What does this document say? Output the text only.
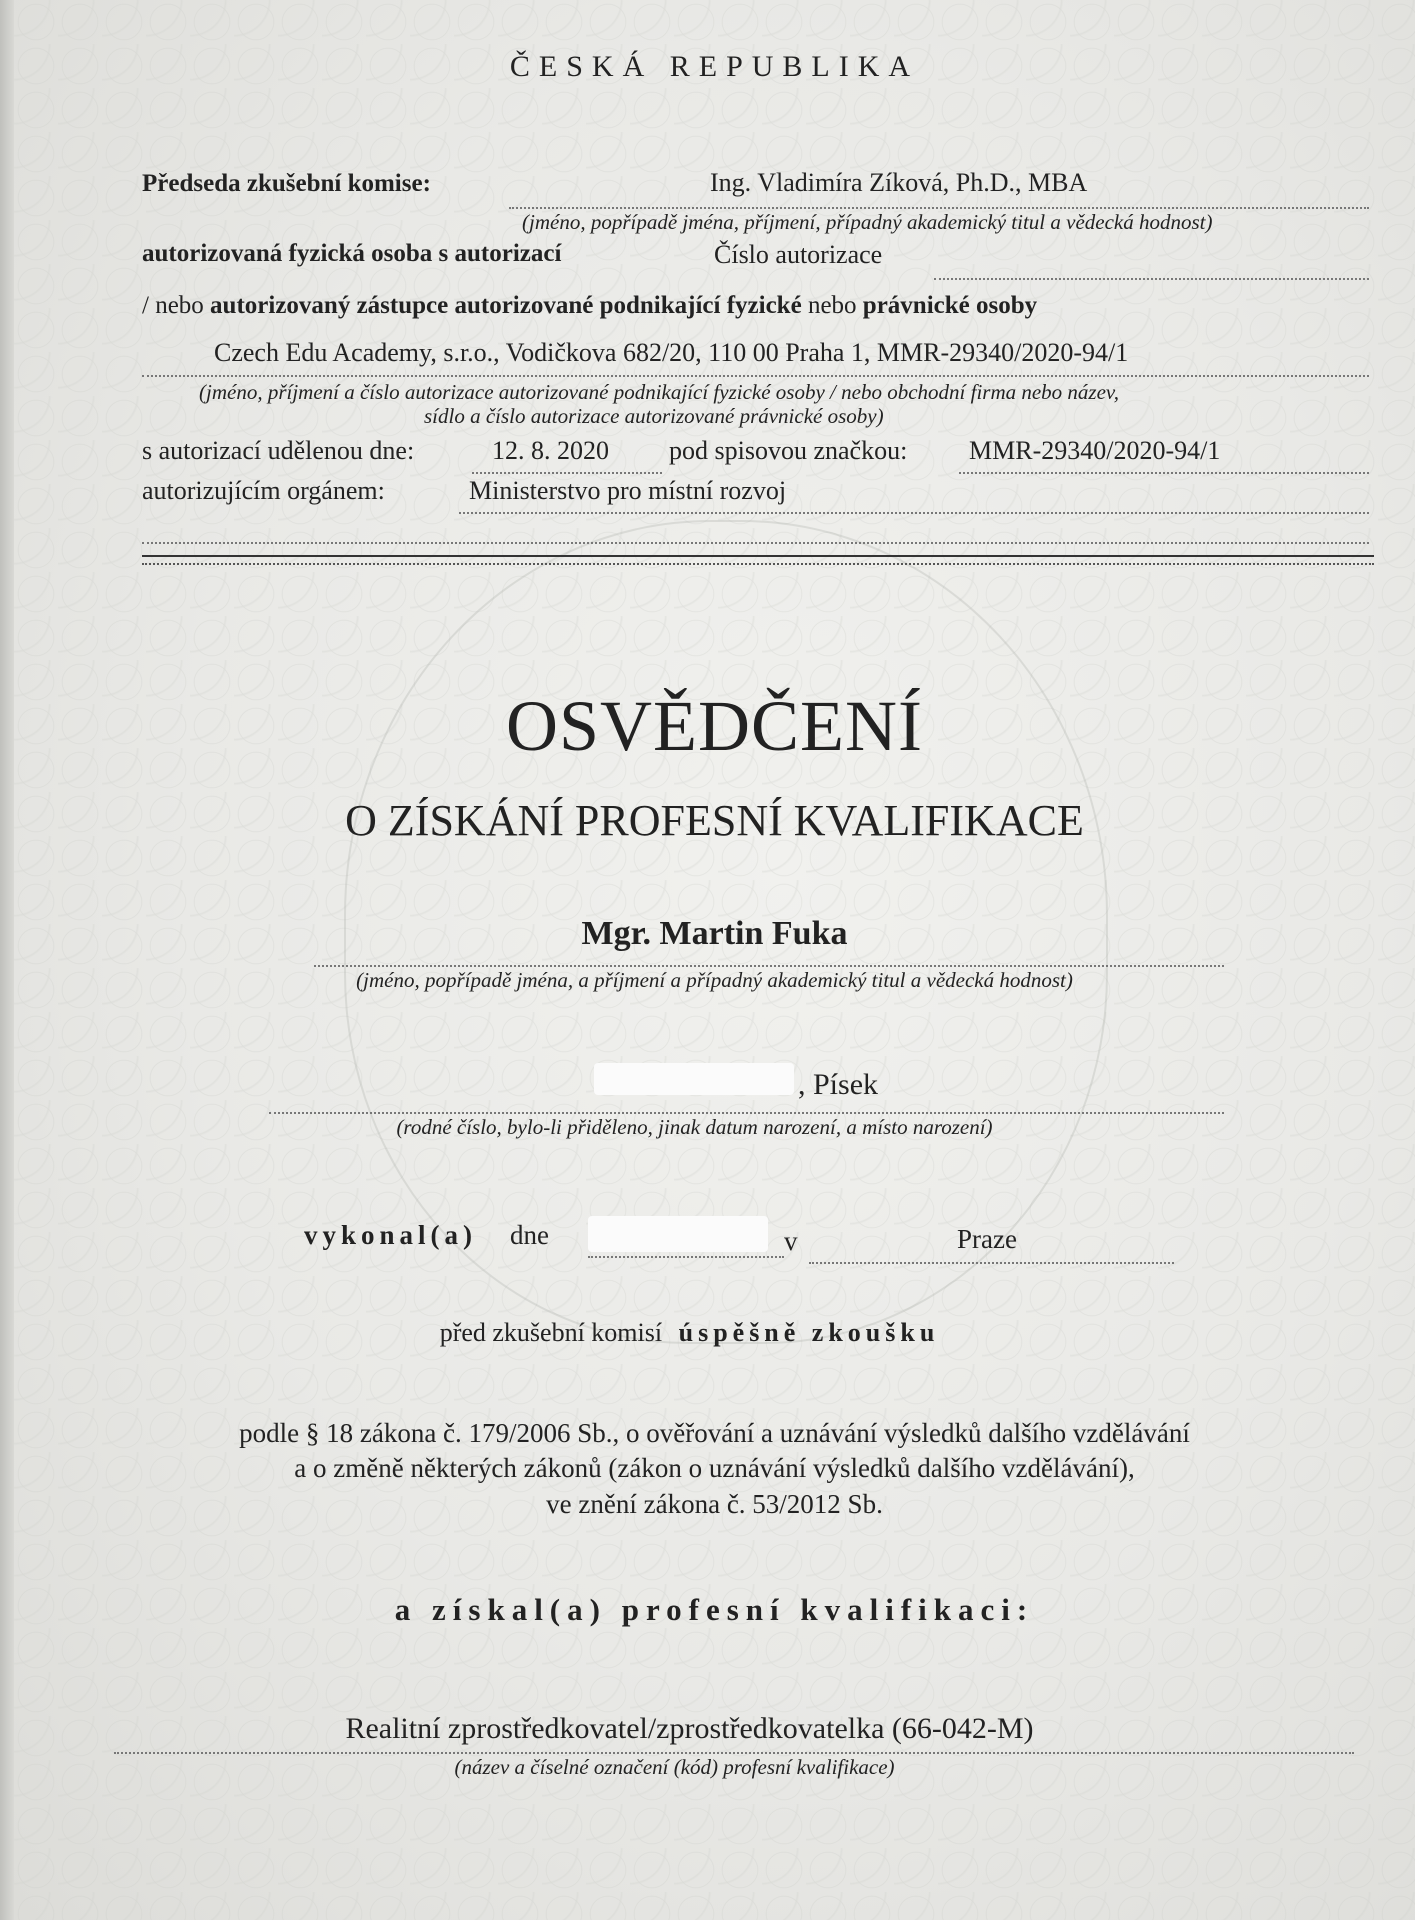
ČESKÁ REPUBLIKA
Předseda zkušební komise:	Ing. Vladimíra Zíková, Ph.D., MBA
(jméno, popřípadě jména, příjmení, případný akademický titul a vědecká hodnost)
autorizovaná fyzická osoba s autorizací	Číslo autorizace
/ nebo autorizovaný zástupce autorizované podnikající fyzické nebo právnické osoby
Czech Edu Academy, s.r.o., Vodičkova 682/20, 110 00 Praha 1, MMR-29340/2020-94/1
(jméno, příjmení a číslo autorizace autorizované podnikající fyzické osoby / nebo obchodní firma nebo název,
sídlo a číslo autorizace autorizované právnické osoby)
s autorizací udělenou dne:	12. 8. 2020 pod spisovou značkou: MMR-29340/2020-94/1
autorizujícím orgánem:	Ministerstvo pro místní rozvoj
OSVĚDČENÍ
O ZÍSKÁNÍ PROFESNÍ KVALIFIKACE
Mgr. Martin Fuka
(jméno, popřípadě jména, a příjmení a případný akademický titul a vědecká hodnost)
, Písek
(rodné číslo, bylo-li přiděleno, jinak datum narození, a místo narození)
vykonal(a) dne	v	Praze
před zkušební komisí úspěšně zkoušku
podle § 18 zákona č. 179/2006 Sb., o ověřování a uznávání výsledků dalšího vzdělávání
a o změně některých zákonů (zákon o uznávání výsledků dalšího vzdělávání),
ve znění zákona č. 53/2012 Sb.
a získal(a) profesní kvalifikaci:
Realitní zprostředkovatel/zprostředkovatelka (66-042-M)
(název a číselné označení (kód) profesní kvalifikace)
